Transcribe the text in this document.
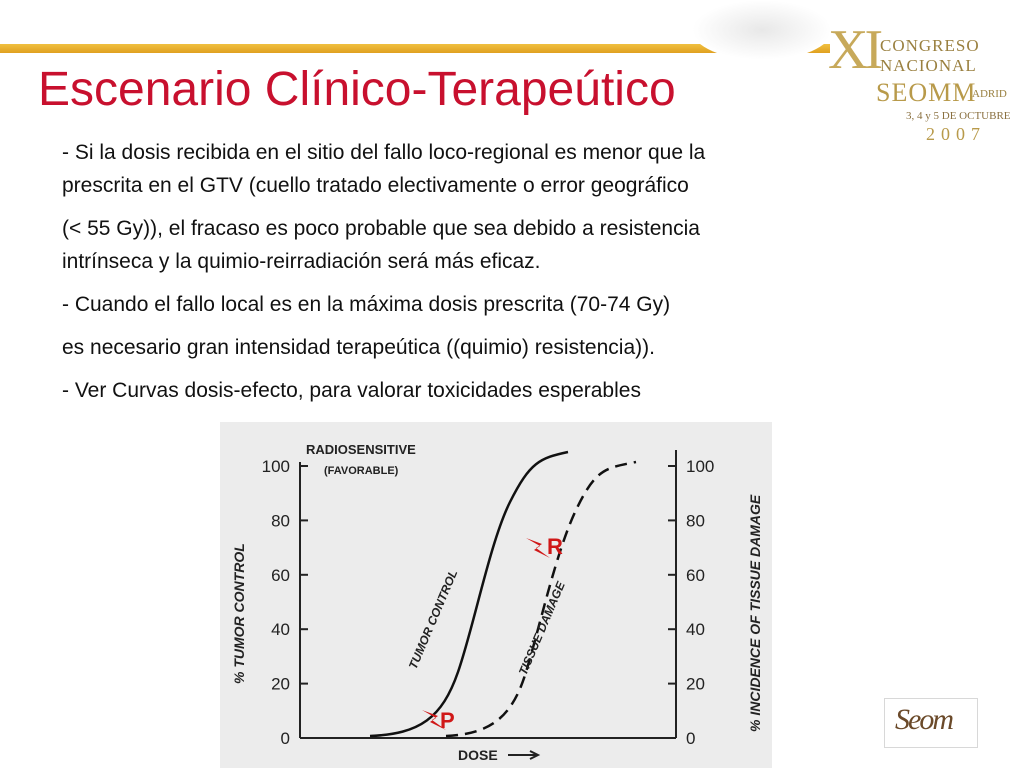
Escenario Clínico-Terapeútico
XI CONGRESO
NACIONAL
SEOMM
ADRID
3, 4 y 5 DE OCTUBRE
2007

- Si la dosis recibida en el sitio del fallo loco-regional es menor que la

prescrita en el GTV (cuello tratado electivamente o error geográfico

(< 55 Gy)), el fracaso es poco probable que sea debido a resistencia

intrínseca y la quimio-reirradiación será más eficaz.

- Cuando el fallo local es en la máxima dosis prescrita (70-74 Gy)

es necesario gran intensidad terapeútica ((quimio) resistencia)).

- Ver Curvas dosis-efecto, para valorar toxicidades esperables

0
20
40
60
80
100
0
20
40
60
80
100
RADIOSENSITIVE
(FAVORABLE)
% TUMOR CONTROL	% INCIDENCE OF TISSUE DAMAGE
DOSE
TUMOR CONTROL	TISSUE DAMAGE
R
P	Seom
